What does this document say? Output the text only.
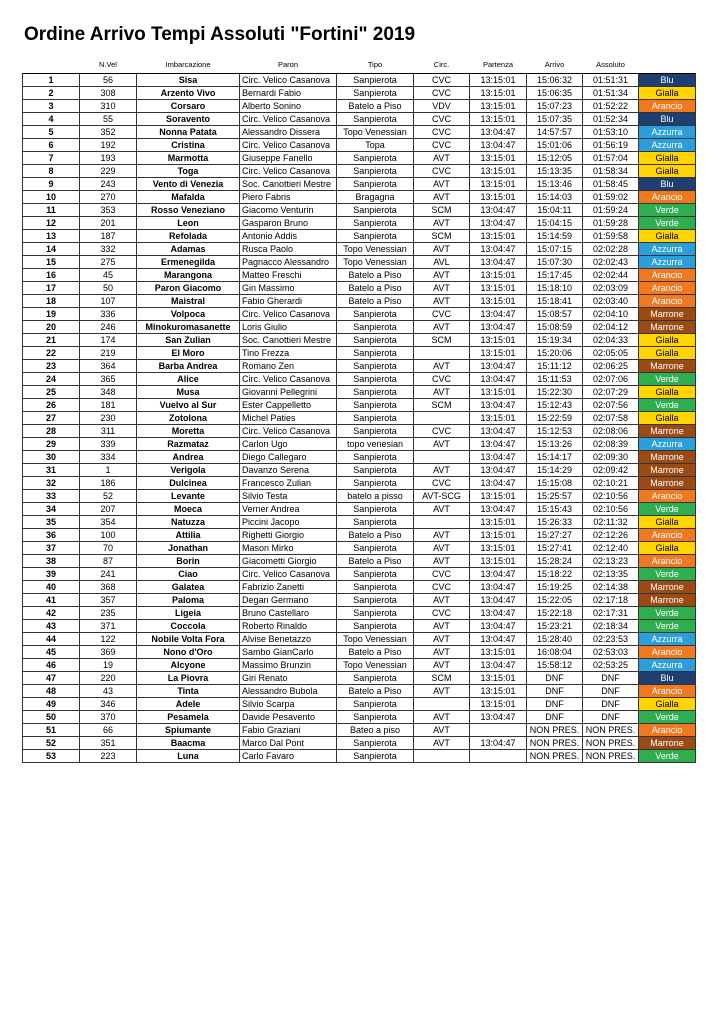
Ordine Arrivo Tempi Assoluti "Fortini" 2019
	N.Vel	Imbarcazione	Paron	Tipo	Circ.	Partenza	Arrivo	Assoluto	
1	56	Sisa	Circ. Velico Casanova	Sanpierota	CVC	13:15:01	15:06:32	01:51:31	Blu
2	308	Arzento Vivo	Bernardi Fabio	Sanpierota	CVC	13:15:01	15:06:35	01:51:34	Gialla
3	310	Corsaro	Alberto Sonino	Batelo a Piso	VDV	13:15:01	15:07:23	01:52:22	Arancio
4	55	Soravento	Circ. Velico Casanova	Sanpierota	CVC	13:15:01	15:07:35	01:52:34	Blu
5	352	Nonna Patata	Alessandro Dissera	Topo Venessian	CVC	13:04:47	14:57:57	01:53:10	Azzurra
6	192	Cristina	Circ. Velico Casanova	Topa	CVC	13:04:47	15:01:06	01:56:19	Azzurra
7	193	Marmotta	Giuseppe Fanello	Sanpierota	AVT	13:15:01	15:12:05	01:57:04	Gialla
8	229	Toga	Circ. Velico Casanova	Sanpierota	CVC	13:15:01	15:13:35	01:58:34	Gialla
9	243	Vento di Venezia	Soc. Canottieri Mestre	Sanpierota	AVT	13:15:01	15:13:46	01:58:45	Blu
10	270	Mafalda	Piero Fabris	Bragagna	AVT	13:15:01	15:14:03	01:59:02	Arancio
11	353	Rosso Veneziano	Giacomo Venturin	Sanpierota	SCM	13:04:47	15:04:11	01:59:24	Verde
12	201	Leon	Gasparon Bruno	Sanpierota	AVT	13:04:47	15:04:15	01:59:28	Verde
13	187	Refolada	Antonio Addis	Sanpierota	SCM	13:15:01	15:14:59	01:59:58	Gialla
14	332	Adamas	Rusca Paolo	Topo Venessian	AVT	13:04:47	15:07:15	02:02:28	Azzurra
15	275	Ermenegilda	Pagnacco Alessandro	Topo Venessian	AVL	13:04:47	15:07:30	02:02:43	Azzurra
16	45	Marangona	Matteo Freschi	Batelo a Piso	AVT	13:15:01	15:17:45	02:02:44	Arancio
17	50	Paron Giacomo	Gin Massimo	Batelo a Piso	AVT	13:15:01	15:18:10	02:03:09	Arancio
18	107	Maistral	Fabio Gherardi	Batelo a Piso	AVT	13:15:01	15:18:41	02:03:40	Arancio
19	336	Volpoca	Circ. Velico Casanova	Sanpierota	CVC	13:04:47	15:08:57	02:04:10	Marrone
20	246	Minokuromasanette	Loris Giulio	Sanpierota	AVT	13:04:47	15:08:59	02:04:12	Marrone
21	174	San Zulian	Soc. Canottieri Mestre	Sanpierota	SCM	13:15:01	15:19:34	02:04:33	Gialla
22	219	El Moro	Tino Frezza	Sanpierota		13:15:01	15:20:06	02:05:05	Gialla
23	364	Barba Andrea	Romano Zen	Sanpierota	AVT	13:04:47	15:11:12	02:06:25	Marrone
24	365	Alice	Circ. Velico Casanova	Sanpierota	CVC	13:04:47	15:11:53	02:07:06	Verde
25	348	Musa	Giovanni Pellegrini	Sanpierota	AVT	13:15:01	15:22:30	02:07:29	Gialla
26	181	Vuelvo al Sur	Ester Cappelletto	Sanpierota	SCM	13:04:47	15:12:43	02:07:56	Verde
27	230	Zotolona	Michel Paties	Sanpierota		13:15:01	15:22:59	02:07:58	Gialla
28	311	Moretta	Circ. Velico Casanova	Sanpierota	CVC	13:04:47	15:12:53	02:08:06	Marrone
29	339	Razmataz	Carlon Ugo	topo venesian	AVT	13:04:47	15:13:26	02:08:39	Azzurra
30	334	Andrea	Diego Callegaro	Sanpierota		13:04:47	15:14:17	02:09:30	Marrone
31	1	Verigola	Davanzo Serena	Sanpierota	AVT	13:04:47	15:14:29	02:09:42	Marrone
32	186	Dulcinea	Francesco Zulian	Sanpierota	CVC	13:04:47	15:15:08	02:10:21	Marrone
33	52	Levante	Silvio Testa	batelo a pisso	AVT-SCG	13:15:01	15:25:57	02:10:56	Arancio
34	207	Moeca	Verner Andrea	Sanpierota	AVT	13:04:47	15:15:43	02:10:56	Verde
35	354	Natuzza	Piccini Jacopo	Sanpierota		13:15:01	15:26:33	02:11:32	Gialla
36	100	Attilia	Righetti Giorgio	Batelo a Piso	AVT	13:15:01	15:27:27	02:12:26	Arancio
37	70	Jonathan	Mason Mirko	Sanpierota	AVT	13:15:01	15:27:41	02:12:40	Gialla
38	87	Borin	Giacometti Giorgio	Batelo a Piso	AVT	13:15:01	15:28:24	02:13:23	Arancio
39	241	Ciao	Circ. Velico Casanova	Sanpierota	CVC	13:04:47	15:18:22	02:13:35	Verde
40	368	Galatea	Fabrizio Zanetti	Sanpierota	CVC	13:04:47	15:19:25	02:14:38	Marrone
41	357	Paloma	Degan Germano	Sanpierota	AVT	13:04:47	15:22:05	02:17:18	Marrone
42	235	Ligeia	Bruno Castellaro	Sanpierota	CVC	13:04:47	15:22:18	02:17:31	Verde
43	371	Coccola	Roberto Rinaldo	Sanpierota	AVT	13:04:47	15:23:21	02:18:34	Verde
44	122	Nobile Volta Fora	Alvise Benetazzo	Topo Venessian	AVT	13:04:47	15:28:40	02:23:53	Azzurra
45	369	Nono d'Oro	Sambo GianCarlo	Batelo a Piso	AVT	13:15:01	16:08:04	02:53:03	Arancio
46	19	Alcyone	Massimo Brunzin	Topo Venessian	AVT	13:04:47	15:58:12	02:53:25	Azzurra
47	220	La Piovra	Giri Renato	Sanpierota	SCM	13:15:01	DNF	DNF	Blu
48	43	Tinta	Alessandro Bubola	Batelo a Piso	AVT	13:15:01	DNF	DNF	Arancio
49	346	Adele	Silvio Scarpa	Sanpierota		13:15:01	DNF	DNF	Gialla
50	370	Pesamela	Davide Pesavento	Sanpierota	AVT	13:04:47	DNF	DNF	Verde
51	66	Spiumante	Fabio Graziani	Bateo a piso	AVT		NON PRES.	NON PRES.	Arancio
52	351	Baacma	Marco Dal Pont	Sanpierota	AVT	13:04:47	NON PRES.	NON PRES.	Marrone
53	223	Luna	Carlo Favaro	Sanpierota			NON PRES.	NON PRES.	Verde
